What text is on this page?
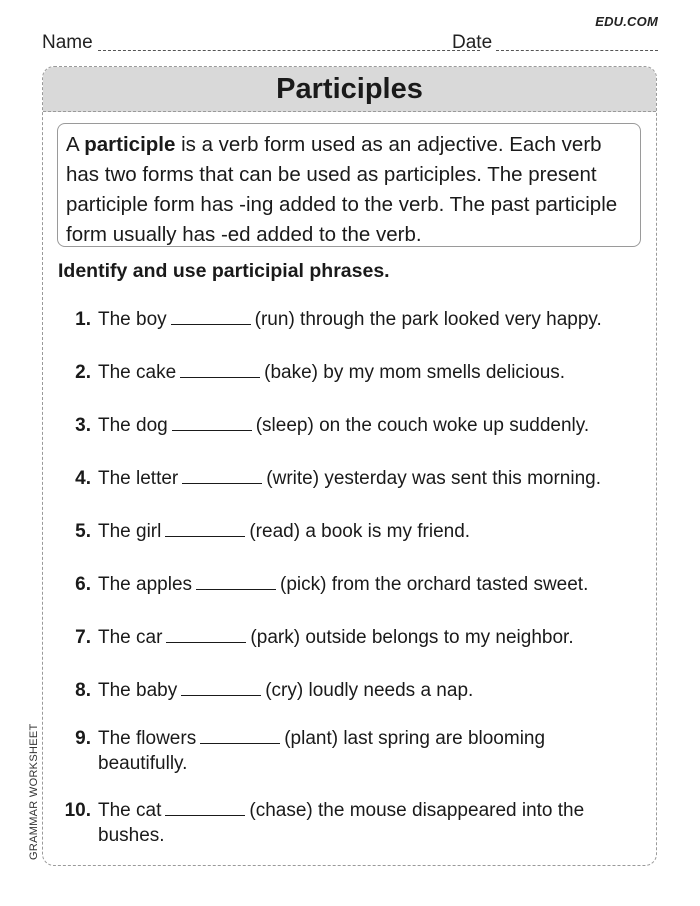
EDU.COM
Name	Date
GRAMMAR WORKSHEET
Participles
A participle is a verb form used as an adjective. Each verb has two forms that can be used as participles. The present participle form has -ing added to the verb. The past participle form usually has -ed added to the verb.
Identify and use participial phrases.
1. The boy	(run) through the park looked very happy.
2. The cake	(bake) by my mom smells delicious.
3. The dog	(sleep) on the couch woke up suddenly.
4. The letter	(write) yesterday was sent this morning.
5. The girl	(read) a book is my friend.
6. The apples	(pick) from the orchard tasted sweet.
7. The car	(park) outside belongs to my neighbor.
8. The baby	(cry) loudly needs a nap.
9. The flowers	(plant) last spring are blooming beautifully.
10. The cat	(chase) the mouse disappeared into the bushes.
